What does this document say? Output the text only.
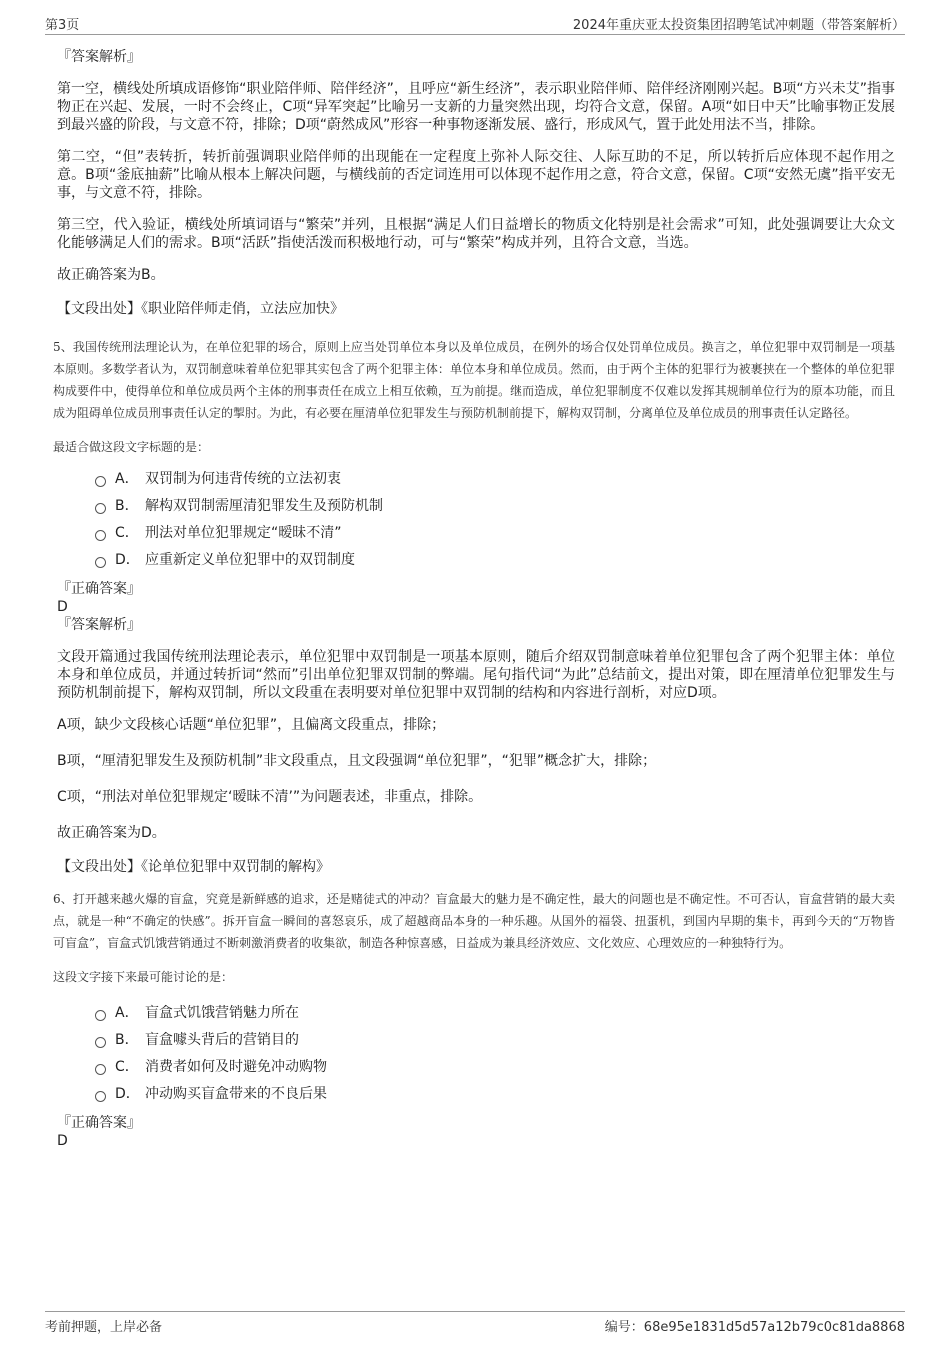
第3页	2024年重庆亚太投资集团招聘笔试冲刺题（带答案解析）
『答案解析』

第一空，横线处所填成语修饰“职业陪伴师、陪伴经济”，且呼应“新生经济”，表示职业陪伴师、陪伴经济刚刚兴起。B项“方兴未艾”指事物正在兴起、发展，一时不会终止，C项“异军突起”比喻另一支新的力量突然出现，均符合文意，保留。A项“如日中天”比喻事物正发展到最兴盛的阶段，与文意不符，排除；D项“蔚然成风”形容一种事物逐渐发展、盛行，形成风气，置于此处用法不当，排除。

第二空，“但”表转折，转折前强调职业陪伴师的出现能在一定程度上弥补人际交往、人际互助的不足，所以转折后应体现不起作用之意。B项“釜底抽薪”比喻从根本上解决问题，与横线前的否定词连用可以体现不起作用之意，符合文意，保留。C项“安然无虞”指平安无事，与文意不符，排除。

第三空，代入验证，横线处所填词语与“繁荣”并列，且根据“满足人们日益增长的物质文化特别是社会需求”可知，此处强调要让大众文化能够满足人们的需求。B项“活跃”指使活泼而积极地行动，可与“繁荣”构成并列，且符合文意，当选。

故正确答案为B。

【文段出处】《职业陪伴师走俏，立法应加快》

5、我国传统刑法理论认为，在单位犯罪的场合，原则上应当处罚单位本身以及单位成员，在例外的场合仅处罚单位成员。换言之，单位犯罪中双罚制是一项基本原则。多数学者认为，双罚制意味着单位犯罪其实包含了两个犯罪主体：单位本身和单位成员。然而，由于两个主体的犯罪行为被裹挟在一个整体的单位犯罪构成要件中，使得单位和单位成员两个主体的刑事责任在成立上相互依赖，互为前提。继而造成，单位犯罪制度不仅难以发挥其规制单位行为的原本功能，而且成为阻碍单位成员刑事责任认定的掣肘。为此，有必要在厘清单位犯罪发生与预防机制前提下，解构双罚制，分离单位及单位成员的刑事责任认定路径。

最适合做这段文字标题的是：
A． 双罚制为何违背传统的立法初衷
B． 解构双罚制需厘清犯罪发生及预防机制
C． 刑法对单位犯罪规定“暧昧不清”
D． 应重新定义单位犯罪中的双罚制度
『正确答案』
D
『答案解析』

文段开篇通过我国传统刑法理论表示，单位犯罪中双罚制是一项基本原则，随后介绍双罚制意味着单位犯罪包含了两个犯罪主体：单位本身和单位成员，并通过转折词“然而”引出单位犯罪双罚制的弊端。尾句指代词“为此”总结前文，提出对策，即在厘清单位犯罪发生与预防机制前提下，解构双罚制，所以文段重在表明要对单位犯罪中双罚制的结构和内容进行剖析，对应D项。

A项，缺少文段核心话题“单位犯罪”，且偏离文段重点，排除；

B项，“厘清犯罪发生及预防机制”非文段重点，且文段强调“单位犯罪”，“犯罪”概念扩大，排除；

C项，“刑法对单位犯罪规定‘暧昧不清’”为问题表述，非重点，排除。

故正确答案为D。

【文段出处】《论单位犯罪中双罚制的解构》

6、打开越来越火爆的盲盒，究竟是新鲜感的追求，还是赌徒式的冲动？盲盒最大的魅力是不确定性，最大的问题也是不确定性。不可否认，盲盒营销的最大卖点，就是一种“不确定的快感”。拆开盲盒一瞬间的喜怒哀乐，成了超越商品本身的一种乐趣。从国外的福袋、扭蛋机，到国内早期的集卡，再到今天的“万物皆可盲盒”，盲盒式饥饿营销通过不断刺激消费者的收集欲，制造各种惊喜感，日益成为兼具经济效应、文化效应、心理效应的一种独特行为。

这段文字接下来最可能讨论的是：
A． 盲盒式饥饿营销魅力所在
B． 盲盒噱头背后的营销目的
C． 消费者如何及时避免冲动购物
D． 冲动购买盲盒带来的不良后果
『正确答案』
D
考前押题，上岸必备	编号：68e95e1831d5d57a12b79c0c81da8868
